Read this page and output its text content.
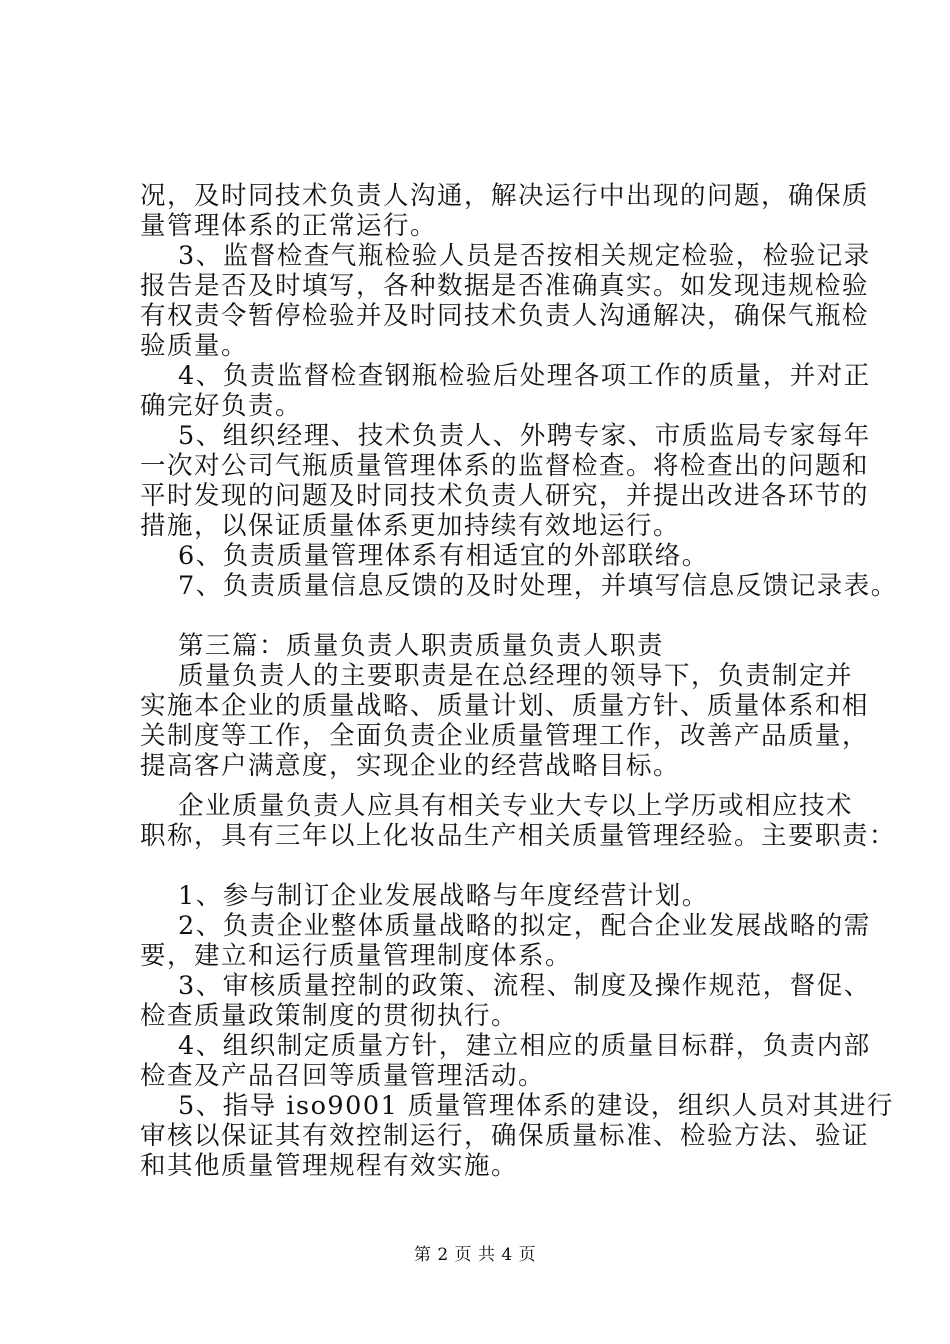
况，及时同技术负责人沟通，解决运行中出现的问题，确保质
量管理体系的正常运行。
3、监督检查气瓶检验人员是否按相关规定检验，检验记录
报告是否及时填写，各种数据是否准确真实。如发现违规检验
有权责令暂停检验并及时同技术负责人沟通解决，确保气瓶检
验质量。
4、负责监督检查钢瓶检验后处理各项工作的质量，并对正
确完好负责。
5、组织经理、技术负责人、外聘专家、市质监局专家每年
一次对公司气瓶质量管理体系的监督检查。将检查出的问题和
平时发现的问题及时同技术负责人研究，并提出改进各环节的
措施，以保证质量体系更加持续有效地运行。
6、负责质量管理体系有相适宜的外部联络。
7、负责质量信息反馈的及时处理，并填写信息反馈记录表。
第三篇：质量负责人职责质量负责人职责
质量负责人的主要职责是在总经理的领导下，负责制定并
实施本企业的质量战略、质量计划、质量方针、质量体系和相
关制度等工作，全面负责企业质量管理工作，改善产品质量，
提高客户满意度，实现企业的经营战略目标。
企业质量负责人应具有相关专业大专以上学历或相应技术
职称，具有三年以上化妆品生产相关质量管理经验。主要职责：
1、参与制订企业发展战略与年度经营计划。
2、负责企业整体质量战略的拟定，配合企业发展战略的需
要，建立和运行质量管理制度体系。
3、审核质量控制的政策、流程、制度及操作规范，督促、
检查质量政策制度的贯彻执行。
4、组织制定质量方针，建立相应的质量目标群，负责内部
检查及产品召回等质量管理活动。
5、指导 iso9001 质量管理体系的建设，组织人员对其进行
审核以保证其有效控制运行，确保质量标准、检验方法、验证
和其他质量管理规程有效实施。
第 2 页 共 4 页
